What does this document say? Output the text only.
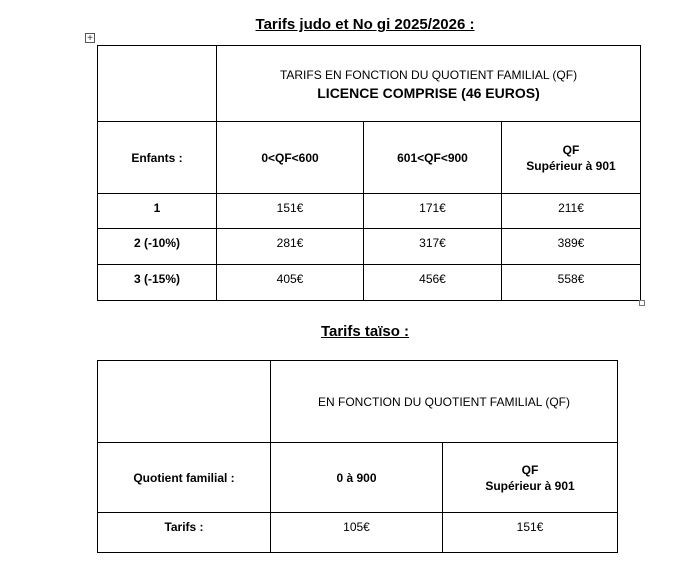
Tarifs judo et No gi 2025/2026 :
+

	TARIFS EN FONCTION DU QUOTIENT FAMILIAL (QF)
LICENCE COMPRISE (46 EUROS)		

Enfants :	0<QF<600	601<QF<900	QF
Supérieur à 901

1	151€	171€	211€
2 (-10%)	281€	317€	389€
3 (-15%)	405€	456€	558€
Tarifs taïso :
	EN FONCTION DU QUOTIENT FAMILIAL (QF)	
Quotient familial :	0 à 900	QF
Supérieur à 901

Tarifs :	105€	151€
